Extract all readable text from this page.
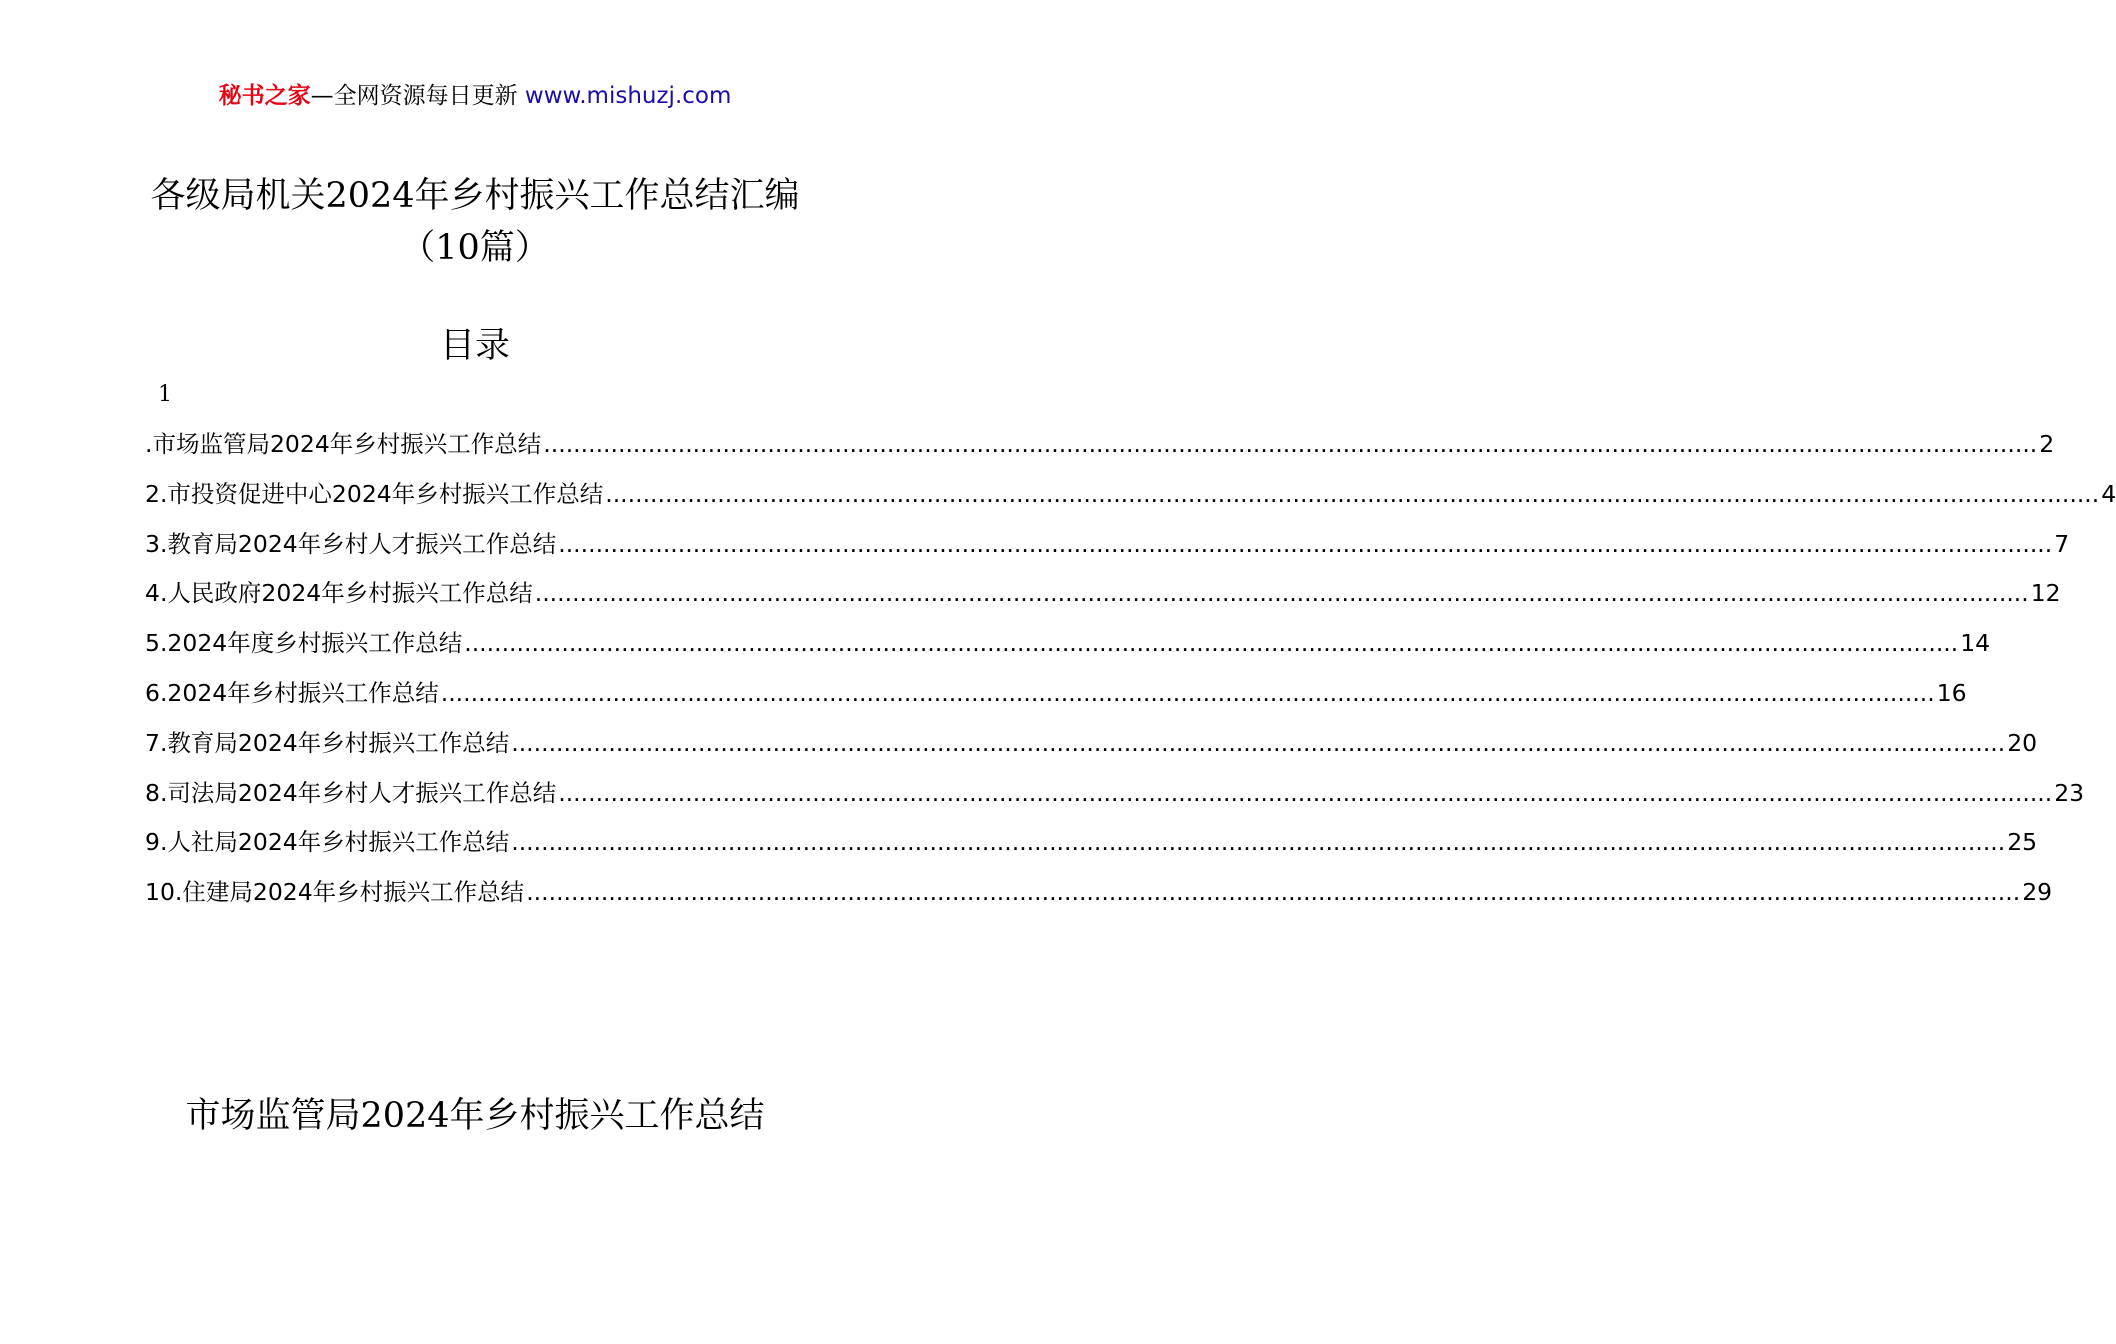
秘书之家—全网资源每日更新 www.mishuzj.com
各级局机关2024年乡村振兴工作总结汇编
（10篇）
目录
1
.市场监管局2024年乡村振兴工作总结 ........................................................................................................................................................................................................ 2
2.市投资促进中心2024年乡村振兴工作总结 ........................................................................................................................................................................................................ 4
3.教育局2024年乡村人才振兴工作总结 ........................................................................................................................................................................................................ 7
4.人民政府2024年乡村振兴工作总结 ........................................................................................................................................................................................................ 12
5.2024年度乡村振兴工作总结 ........................................................................................................................................................................................................ 14
6.2024年乡村振兴工作总结 ........................................................................................................................................................................................................ 16
7.教育局2024年乡村振兴工作总结 ........................................................................................................................................................................................................ 20
8.司法局2024年乡村人才振兴工作总结 ........................................................................................................................................................................................................ 23
9.人社局2024年乡村振兴工作总结 ........................................................................................................................................................................................................ 25
10.住建局2024年乡村振兴工作总结 ........................................................................................................................................................................................................ 29
市场监管局2024年乡村振兴工作总结
